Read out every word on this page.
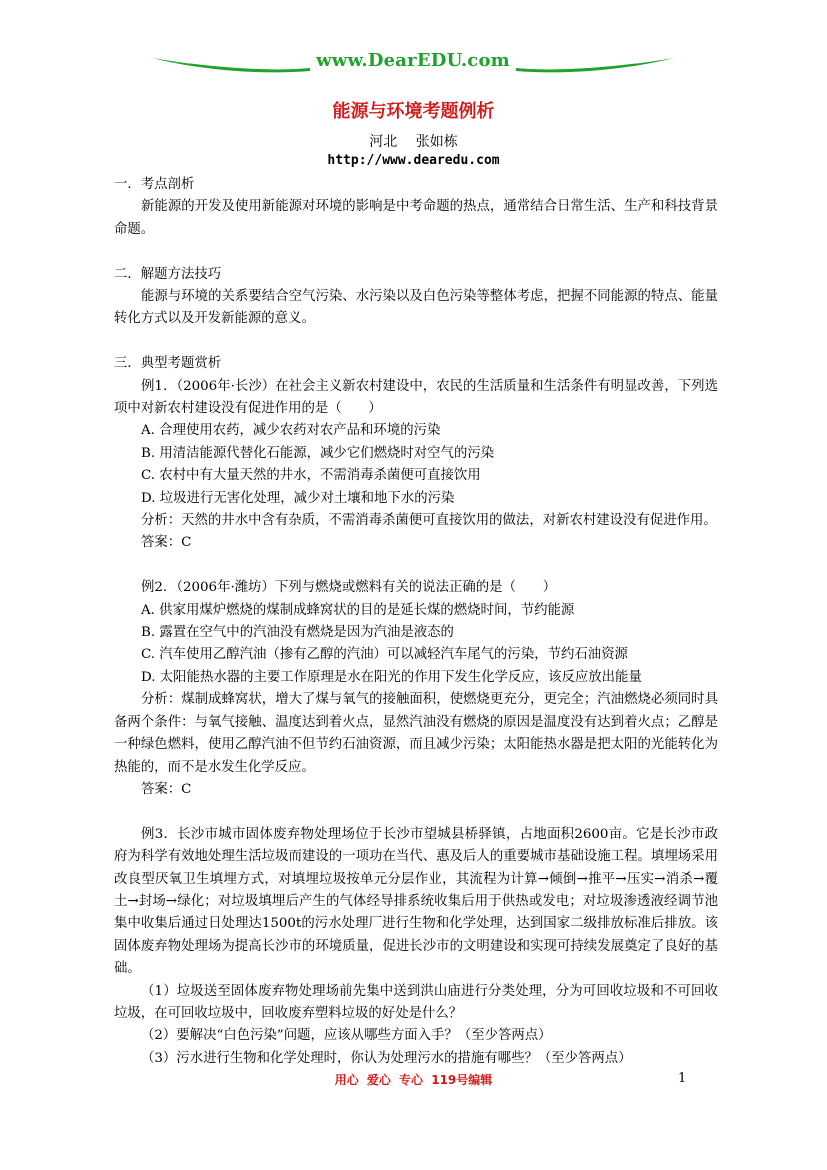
www.DearEDU.com
能源与环境考题例析
河北 张如栋
http://www.dearedu.com

一．考点剖析

新能源的开发及使用新能源对环境的影响是中考命题的热点，通常结合日常生活、生产和科技背景命题。

二．解题方法技巧

能源与环境的关系要结合空气污染、水污染以及白色污染等整体考虑，把握不同能源的特点、能量转化方式以及开发新能源的意义。

三．典型考题赏析

例1．（2006年·长沙）在社会主义新农村建设中，农民的生活质量和生活条件有明显改善，下列选项中对新农村建设没有促进作用的是（　　）

A. 合理使用农药，减少农药对农产品和环境的污染

B. 用清洁能源代替化石能源，减少它们燃烧时对空气的污染

C. 农村中有大量天然的井水，不需消毒杀菌便可直接饮用

D. 垃圾进行无害化处理，减少对土壤和地下水的污染

分析：天然的井水中含有杂质，不需消毒杀菌便可直接饮用的做法，对新农村建设没有促进作用。

答案：C

例2．（2006年·潍坊）下列与燃烧或燃料有关的说法正确的是（　　）

A. 供家用煤炉燃烧的煤制成蜂窝状的目的是延长煤的燃烧时间，节约能源

B. 露置在空气中的汽油没有燃烧是因为汽油是液态的

C. 汽车使用乙醇汽油（掺有乙醇的汽油）可以减轻汽车尾气的污染，节约石油资源

D. 太阳能热水器的主要工作原理是水在阳光的作用下发生化学反应，该反应放出能量

分析：煤制成蜂窝状，增大了煤与氧气的接触面积，使燃烧更充分，更完全；汽油燃烧必须同时具备两个条件：与氧气接触、温度达到着火点，显然汽油没有燃烧的原因是温度没有达到着火点；乙醇是一种绿色燃料，使用乙醇汽油不但节约石油资源，而且减少污染；太阳能热水器是把太阳的光能转化为热能的，而不是水发生化学反应。

答案：C

例3．长沙市城市固体废弃物处理场位于长沙市望城县桥驿镇，占地面积2600亩。它是长沙市政府为科学有效地处理生活垃圾而建设的一项功在当代、惠及后人的重要城市基础设施工程。填埋场采用改良型厌氧卫生填埋方式，对填埋垃圾按单元分层作业，其流程为计算→倾倒→推平→压实→消杀→覆土→封场→绿化；对垃圾填埋后产生的气体经导排系统收集后用于供热或发电；对垃圾渗透液经调节池集中收集后通过日处理达1500t的污水处理厂进行生物和化学处理，达到国家二级排放标准后排放。该固体废弃物处理场为提高长沙市的环境质量，促进长沙市的文明建设和实现可持续发展奠定了良好的基础。

（1）垃圾送至固体废弃物处理场前先集中送到洪山庙进行分类处理，分为可回收垃圾和不可回收垃圾，在可回收垃圾中，回收废弃塑料垃圾的好处是什么？

（2）要解决“白色污染”问题，应该从哪些方面入手？（至少答两点）

（3）污水进行生物和化学处理时，你认为处理污水的措施有哪些？（至少答两点）

用心 爱心 专心 119号编辑	1
